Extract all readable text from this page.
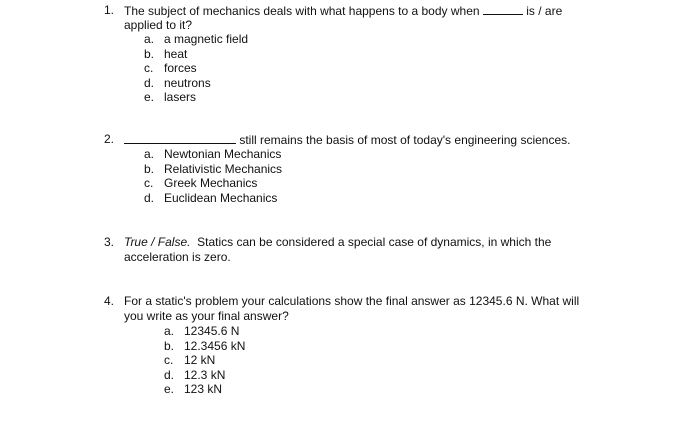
1. The subject of mechanics deals with what happens to a body when	is / are
applied to it?
a. a magnetic field
b. heat
c. forces
d. neutrons
e. lasers
2.	still remains the basis of most of today's engineering sciences.
a. Newtonian Mechanics
b. Relativistic Mechanics
c. Greek Mechanics
d. Euclidean Mechanics
3. True / False. Statics can be considered a special case of dynamics, in which the
acceleration is zero.
4. For a static's problem your calculations show the final answer as 12345.6 N. What will
you write as your final answer?
a. 12345.6 N
b. 12.3456 kN
c. 12 kN
d. 12.3 kN
e. 123 kN
